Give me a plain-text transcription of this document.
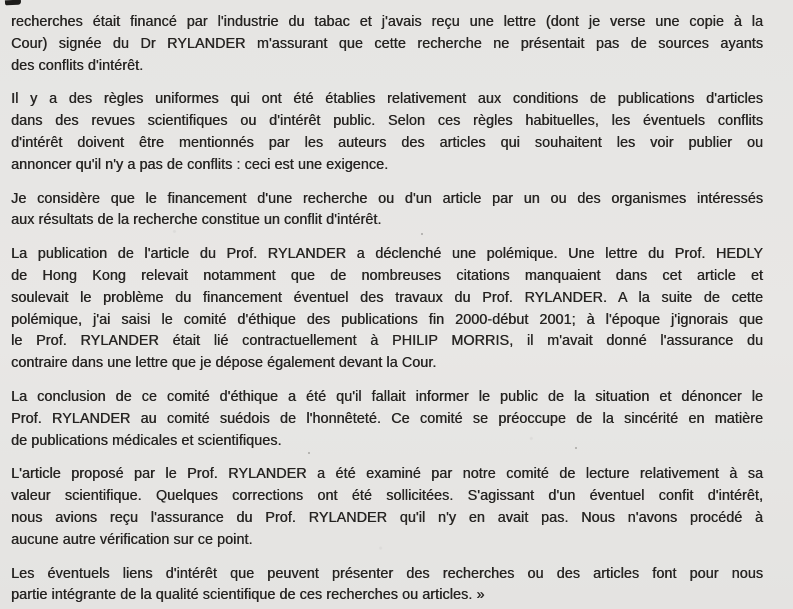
recherches était financé par l'industrie du tabac et j'avais reçu une lettre (dont je verse une copie à la
Cour) signée du Dr RYLANDER m'assurant que cette recherche ne présentait pas de sources ayants
des conflits d'intérêt.
Il y a des règles uniformes qui ont été établies relativement aux conditions de publications d'articles
dans des revues scientifiques ou d'intérêt public. Selon ces règles habituelles, les éventuels conflits
d'intérêt doivent être mentionnés par les auteurs des articles qui souhaitent les voir publier ou
annoncer qu'il n'y a pas de conflits : ceci est une exigence.
Je considère que le financement d'une recherche ou d'un article par un ou des organismes intéressés
aux résultats de la recherche constitue un conflit d'intérêt.
La publication de l'article du Prof. RYLANDER a déclenché une polémique. Une lettre du Prof. HEDLY
de Hong Kong relevait notamment que de nombreuses citations manquaient dans cet article et
soulevait le problème du financement éventuel des travaux du Prof. RYLANDER. A la suite de cette
polémique, j'ai saisi le comité d'éthique des publications fin 2000-début 2001; à l'époque j'ignorais que
le Prof. RYLANDER était lié contractuellement à PHILIP MORRIS, il m'avait donné l'assurance du
contraire dans une lettre que je dépose également devant la Cour.
La conclusion de ce comité d'éthique a été qu'il fallait informer le public de la situation et dénoncer le
Prof. RYLANDER au comité suédois de l'honnêteté. Ce comité se préoccupe de la sincérité en matière
de publications médicales et scientifiques.
L'article proposé par le Prof. RYLANDER a été examiné par notre comité de lecture relativement à sa
valeur scientifique. Quelques corrections ont été sollicitées. S'agissant d'un éventuel confit d'intérêt,
nous avions reçu l'assurance du Prof. RYLANDER qu'il n'y en avait pas. Nous n'avons procédé à
aucune autre vérification sur ce point.
Les éventuels liens d'intérêt que peuvent présenter des recherches ou des articles font pour nous
partie intégrante de la qualité scientifique de ces recherches ou articles. »
